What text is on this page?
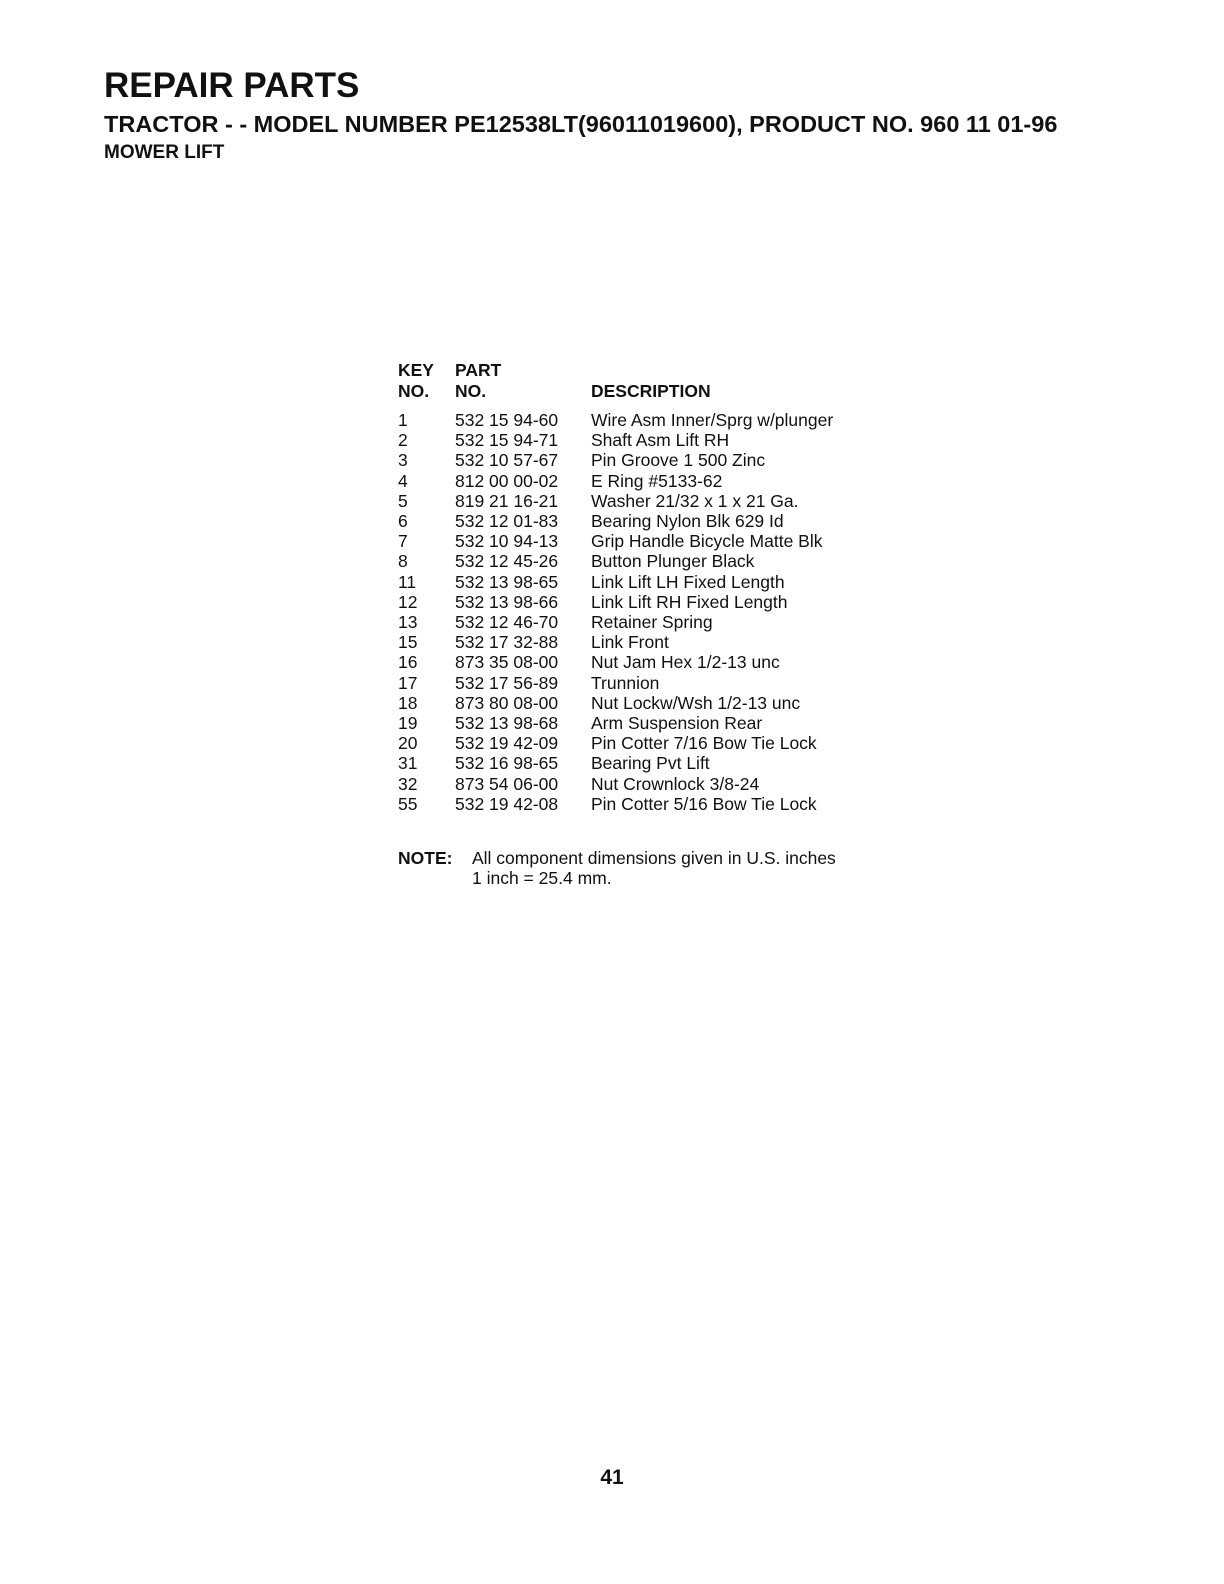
REPAIR PARTS
TRACTOR - - MODEL NUMBER PE12538LT(96011019600), PRODUCT NO. 960 11 01-96
MOWER LIFT
KEY	PART	
NO.	NO.	DESCRIPTION
1	532 15 94-60	Wire Asm Inner/Sprg w/plunger
2	532 15 94-71	Shaft Asm Lift RH
3	532 10 57-67	Pin Groove 1 500 Zinc
4	812 00 00-02	E Ring #5133-62
5	819 21 16-21	Washer 21/32 x 1 x 21 Ga.
6	532 12 01-83	Bearing Nylon Blk 629 Id
7	532 10 94-13	Grip Handle Bicycle Matte Blk
8	532 12 45-26	Button Plunger Black
11	532 13 98-65	Link Lift LH Fixed Length
12	532 13 98-66	Link Lift RH Fixed Length
13	532 12 46-70	Retainer Spring
15	532 17 32-88	Link Front
16	873 35 08-00	Nut Jam Hex 1/2-13 unc
17	532 17 56-89	Trunnion
18	873 80 08-00	Nut Lockw/Wsh 1/2-13 unc
19	532 13 98-68	Arm Suspension Rear
20	532 19 42-09	Pin Cotter 7/16 Bow Tie Lock
31	532 16 98-65	Bearing Pvt Lift
32	873 54 06-00	Nut Crownlock 3/8-24
55	532 19 42-08	Pin Cotter 5/16 Bow Tie Lock
NOTE: All component dimensions given in U.S. inches
1 inch = 25.4 mm.
41
